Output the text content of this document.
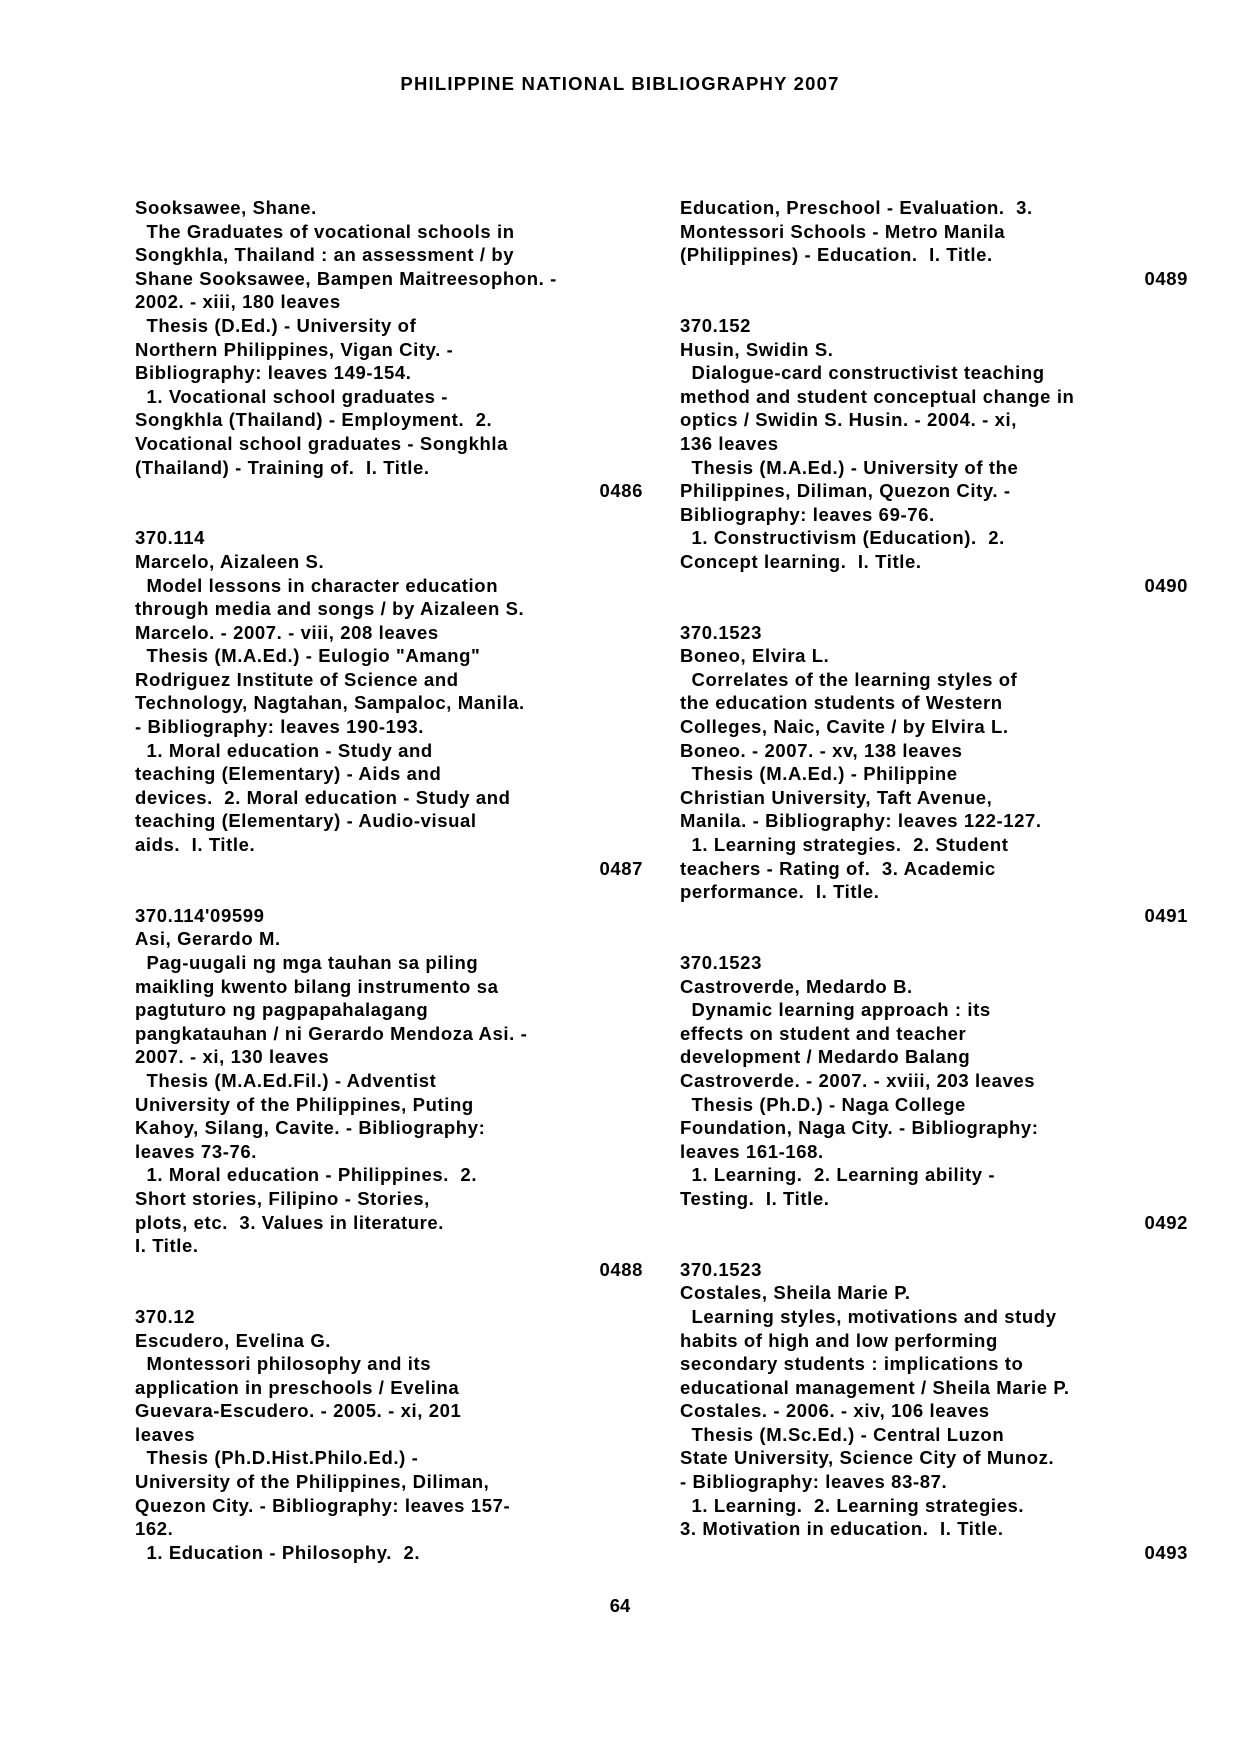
PHILIPPINE NATIONAL BIBLIOGRAPHY 2007
Sooksawee, Shane.
The Graduates of vocational schools in
Songkhla, Thailand : an assessment / by
Shane Sooksawee, Bampen Maitreesophon. -
2002. - xiii, 180 leaves
Thesis (D.Ed.) - University of
Northern Philippines, Vigan City. -
Bibliography: leaves 149-154.
1. Vocational school graduates -
Songkhla (Thailand) - Employment.  2.
Vocational school graduates - Songkhla
(Thailand) - Training of.  I. Title.
0486
370.114
Marcelo, Aizaleen S.
Model lessons in character education
through media and songs / by Aizaleen S.
Marcelo. - 2007. - viii, 208 leaves
Thesis (M.A.Ed.) - Eulogio "Amang"
Rodriguez Institute of Science and
Technology, Nagtahan, Sampaloc, Manila.
- Bibliography: leaves 190-193.
1. Moral education - Study and
teaching (Elementary) - Aids and
devices.  2. Moral education - Study and
teaching (Elementary) - Audio-visual
aids.  I. Title.
0487
370.114'09599
Asi, Gerardo M.
Pag-uugali ng mga tauhan sa piling
maikling kwento bilang instrumento sa
pagtuturo ng pagpapahalagang
pangkatauhan / ni Gerardo Mendoza Asi. -
2007. - xi, 130 leaves
Thesis (M.A.Ed.Fil.) - Adventist
University of the Philippines, Puting
Kahoy, Silang, Cavite. - Bibliography:
leaves 73-76.
1. Moral education - Philippines.  2.
Short stories, Filipino - Stories,
plots, etc.  3. Values in literature.
I. Title.
0488
370.12
Escudero, Evelina G.
Montessori philosophy and its
application in preschools / Evelina
Guevara-Escudero. - 2005. - xi, 201
leaves
Thesis (Ph.D.Hist.Philo.Ed.) -
University of the Philippines, Diliman,
Quezon City. - Bibliography: leaves 157-
162.
1. Education - Philosophy.  2.
Education, Preschool - Evaluation.  3.
Montessori Schools - Metro Manila
(Philippines) - Education.  I. Title.
0489
370.152
Husin, Swidin S.
Dialogue-card constructivist teaching
method and student conceptual change in
optics / Swidin S. Husin. - 2004. - xi,
136 leaves
Thesis (M.A.Ed.) - University of the
Philippines, Diliman, Quezon City. -
Bibliography: leaves 69-76.
1. Constructivism (Education).  2.
Concept learning.  I. Title.
0490
370.1523
Boneo, Elvira L.
Correlates of the learning styles of
the education students of Western
Colleges, Naic, Cavite / by Elvira L.
Boneo. - 2007. - xv, 138 leaves
Thesis (M.A.Ed.) - Philippine
Christian University, Taft Avenue,
Manila. - Bibliography: leaves 122-127.
1. Learning strategies.  2. Student
teachers - Rating of.  3. Academic
performance.  I. Title.
0491
370.1523
Castroverde, Medardo B.
Dynamic learning approach : its
effects on student and teacher
development / Medardo Balang
Castroverde. - 2007. - xviii, 203 leaves
Thesis (Ph.D.) - Naga College
Foundation, Naga City. - Bibliography:
leaves 161-168.
1. Learning.  2. Learning ability -
Testing.  I. Title.
0492
370.1523
Costales, Sheila Marie P.
Learning styles, motivations and study
habits of high and low performing
secondary students : implications to
educational management / Sheila Marie P.
Costales. - 2006. - xiv, 106 leaves
Thesis (M.Sc.Ed.) - Central Luzon
State University, Science City of Munoz.
- Bibliography: leaves 83-87.
1. Learning.  2. Learning strategies.
3. Motivation in education.  I. Title.
0493
64
